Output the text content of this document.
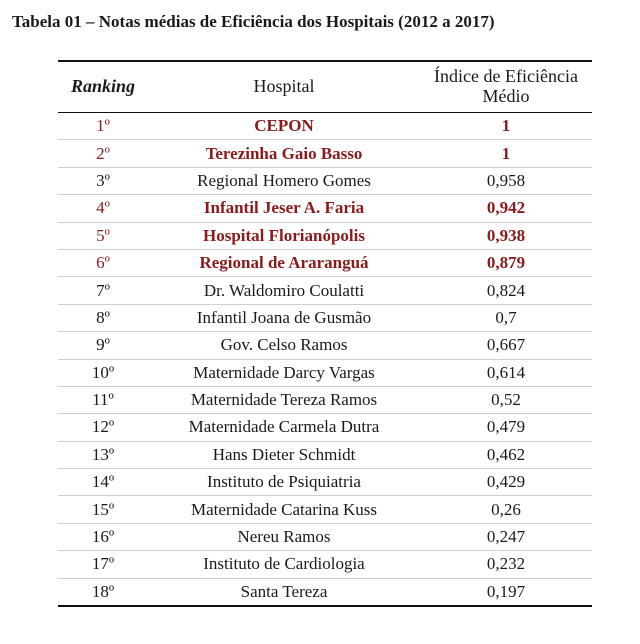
Tabela 01 – Notas médias de Eficiência dos Hospitais (2012 a 2017)
Ranking	Hospital	Índice de Eficiência
Médio
1º	CEPON	1
2º	Terezinha Gaio Basso	1
3º	Regional Homero Gomes	0,958
4º	Infantil Jeser A. Faria	0,942
5º	Hospital Florianópolis	0,938
6º	Regional de Araranguá	0,879
7º	Dr. Waldomiro Coulatti	0,824
8º	Infantil Joana de Gusmão	0,7
9º	Gov. Celso Ramos	0,667
10º	Maternidade Darcy Vargas	0,614
11º	Maternidade Tereza Ramos	0,52
12º	Maternidade Carmela Dutra	0,479
13º	Hans Dieter Schmidt	0,462
14º	Instituto de Psiquiatria	0,429
15º	Maternidade Catarina Kuss	0,26
16º	Nereu Ramos	0,247
17º	Instituto de Cardiologia	0,232
18º	Santa Tereza	0,197
